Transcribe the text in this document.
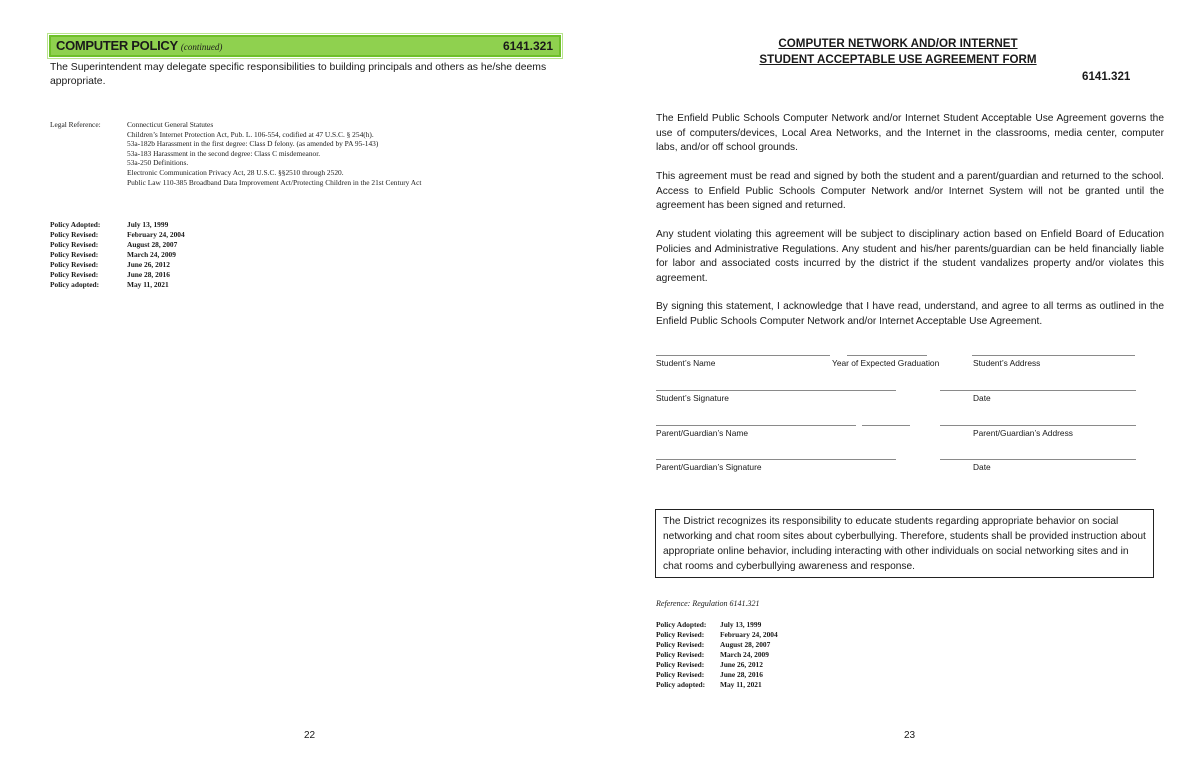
COMPUTER POLICY (continued)	6141.321
The Superintendent may delegate specific responsibilities to building principals and others as he/she deems appropriate.
Legal Reference:	Connecticut General Statutes
Children’s Internet Protection Act, Pub. L. 106-554, codified at 47 U.S.C. § 254(h).
53a-182b Harassment in the first degree: Class D felony. (as amended by PA 95-143)
53a-183 Harassment in the second degree: Class C misdemeanor.
53a-250 Definitions.
Electronic Communication Privacy Act, 28 U.S.C. §§2510 through 2520.
Public Law 110-385 Broadband Data Improvement Act/Protecting Children in the 21st Century Act
Policy Adopted:	July 13, 1999
Policy Revised:	February 24, 2004
Policy Revised:	August 28, 2007
Policy Revised:	March 24, 2009
Policy Revised:	June 26, 2012
Policy Revised:	June 28, 2016
Policy adopted:	May 11, 2021
22
COMPUTER NETWORK AND/OR INTERNET
STUDENT ACCEPTABLE USE AGREEMENT FORM
6141.321
The Enfield Public Schools Computer Network and/or Internet Student Acceptable Use Agreement governs the use of computers/devices, Local Area Networks, and the Internet in the classrooms, media center, computer labs, and/or off school grounds.
This agreement must be read and signed by both the student and a parent/guardian and returned to the school. Access to Enfield Public Schools Computer Network and/or Internet System will not be granted until the agreement has been signed and returned.
Any student violating this agreement will be subject to disciplinary action based on Enfield Board of Education Policies and Administrative Regulations. Any student and his/her parents/guardian can be held financially liable for labor and associated costs incurred by the district if the student vandalizes property and/or violates this agreement.
By signing this statement, I acknowledge that I have read, understand, and agree to all terms as outlined in the Enfield Public Schools Computer Network and/or Internet Acceptable Use Agreement.
Student’s Name	Year of Expected Graduation	Student’s Address
Student’s Signature	Date
Parent/Guardian’s Name	Parent/Guardian’s Address
Parent/Guardian’s Signature	Date
The District recognizes its responsibility to educate students regarding appropriate behavior on social networking and chat room sites about cyberbullying. Therefore, students shall be provided instruction about appropriate online behavior, including interacting with other individuals on social networking sites and in chat rooms and cyberbullying awareness and response.
Reference: Regulation 6141.321
Policy Adopted: July 13, 1999
Policy Revised: February 24, 2004
Policy Revised: August 28, 2007
Policy Revised: March 24, 2009
Policy Revised: June 26, 2012
Policy Revised: June 28, 2016
Policy adopted: May 11, 2021
23
